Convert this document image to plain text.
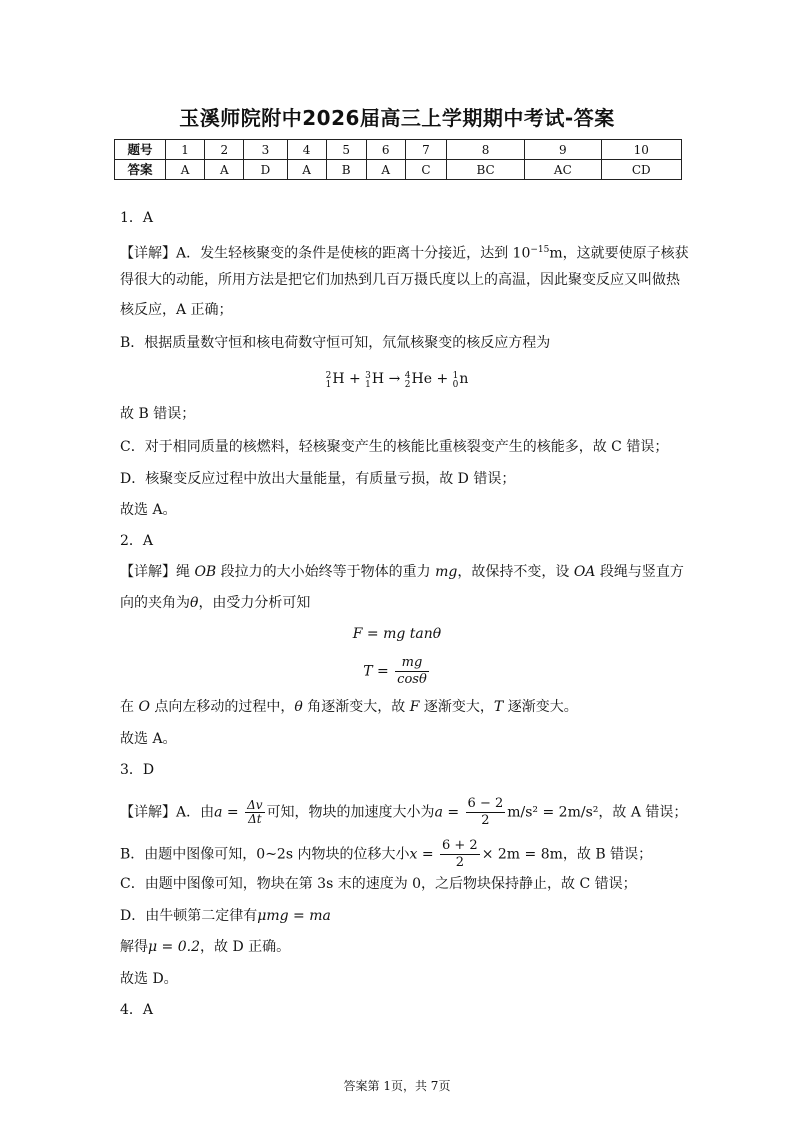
玉溪师院附中2026届高三上学期期中考试-答案
题号	1	2	3	4	5	6	7	8	9	10
答案	A	A	D	A	B	A	C	BC	AC	CD
1．A
【详解】A．发生轻核聚变的条件是使核的距离十分接近，达到 $10^{-15}m$，这就要使原子核获
得很大的动能，所用方法是把它们加热到几百万摄氏度以上的高温，因此聚变反应又叫做热
核反应，A 正确；
B．根据质量数守恒和核电荷数守恒可知，氘氚核聚变的核反应方程为
2
1 H + 3
1 H → 4
2 He + 1
0 n
故 B 错误；
C．对于相同质量的核燃料，轻核聚变产生的核能比重核裂变产生的核能多，故 C 错误；
D．核聚变反应过程中放出大量能量，有质量亏损，故 D 错误；
故选 A。
2．A
【详解】绳 OB 段拉力的大小始终等于物体的重力 mg，故保持不变，设 OA 段绳与竖直方
向的夹角为θ，由受力分析可知
F = mg tanθ
$T = \frac{mg}{\cos\theta}$
在 O 点向左移动的过程中，θ 角逐渐变大，故 F 逐渐变大，T 逐渐变大。
故选 A。
3．D
【详解】A．由$a = \frac{\Delta v}{\Delta t}$ 可知，物块的加速度大小为$a = \frac{6 - 2}{2} m/s^2 = 2m/s^2$，故 A 错误；
B．由题中图像可知，0~2s 内物块的位移大小$x = \frac{6 + 2}{2} \times 2m = 8m$，故 B 错误；
C．由题中图像可知，物块在第 3s 末的速度为 0，之后物块保持静止，故 C 错误；
D．由牛顿第二定律有μmg = ma
解得μ = 0.2，故 D 正确。
故选 D。
4．A
答案第 1页，共 7页
